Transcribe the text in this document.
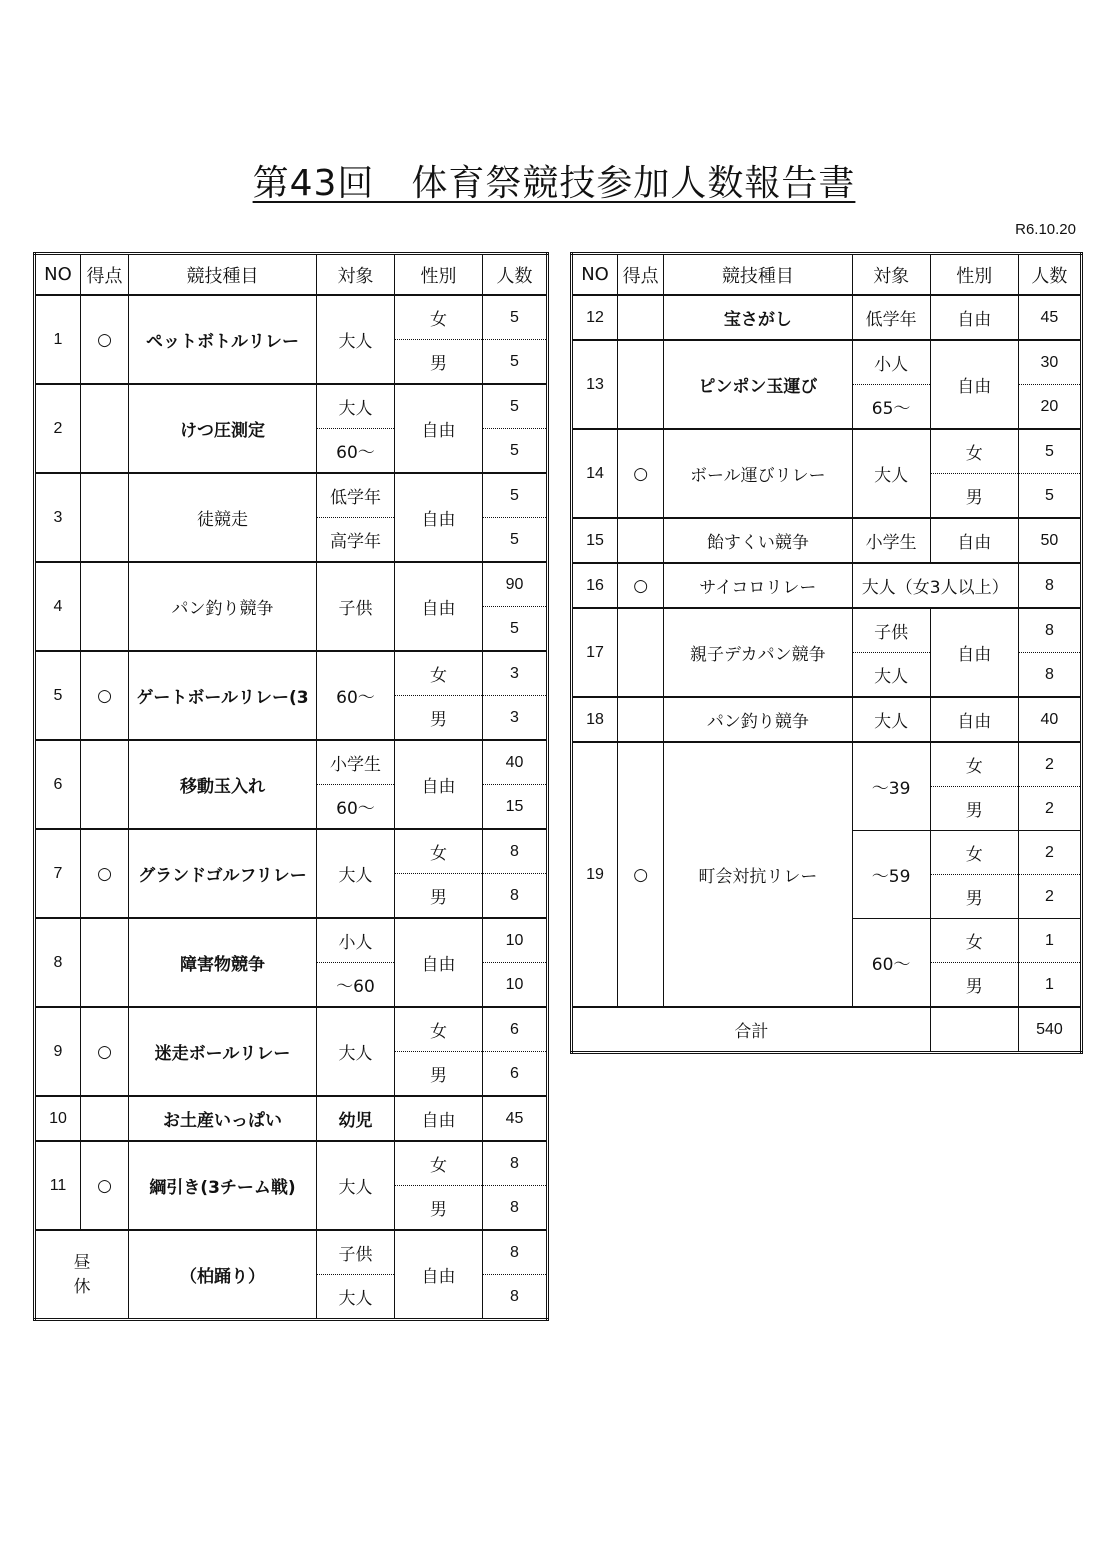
第43回　体育祭競技参加人数報告書
R6.10.20
NO	得点	競技種目	対象	性別	人数
1	○	ペットボトルリレー	大人	女	5
				男	5
2		けつ圧測定	大人	自由	5
			60～		5
3		徒競走	低学年	自由	5
			高学年		5
4		パン釣り競争	子供	自由	90
					5
5	○	ゲートボールリレー(3	60～	女	3
				男	3
6		移動玉入れ	小学生	自由	40
			60～		15
7	○	グランドゴルフリレー	大人	女	8
				男	8
8		障害物競争	小人	自由	10
			～60		10
9	○	迷走ボールリレー	大人	女	6
				男	6
10		お土産いっぱい	幼児	自由	45

11	○	綱引き(3チーム戦)	大人	女	8
				男	8
昼休		（柏踊り）	子供	自由	8
			大人		8
NO	得点	競技種目	対象	性別	人数
12		宝さがし	低学年	自由	45

13		ピンポン玉運び	小人	自由	30
			65～		20
14	○	ボール運びリレー	大人	女	5
				男	5
15		飴すくい競争	小学生	自由	50

16	○	サイコロリレー	大人（女3人以上）		8

17		親子デカパン競争	子供	自由	8
			大人		8
18		パン釣り競争	大人	自由	40

19	○	町会対抗リレー	～39	女	2
				男	2
			～59	女	2
				男	2
			60～	女	1
				男	1
合計					540
